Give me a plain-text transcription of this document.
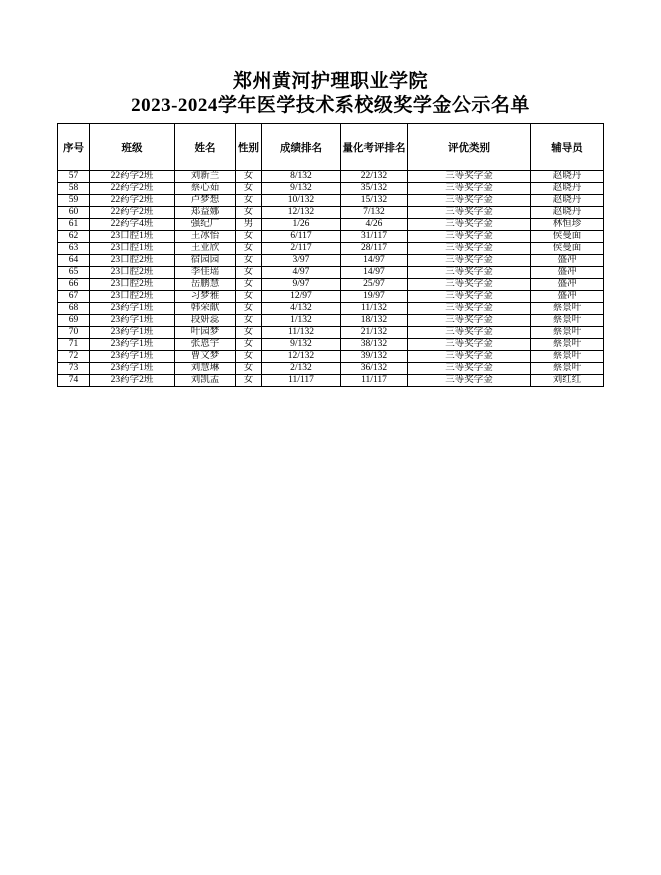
郑州黄河护理职业学院
2023-2024学年医学技术系校级奖学金公示名单
序号	班级	姓名	性别	成绩排名	量化考评排名	评优类别	辅导员
57	22药学2班	刘新兰	女	8/132	22/132	三等奖学金	赵晓丹
58	22药学2班	蔡心茹	女	9/132	35/132	三等奖学金	赵晓丹
59	22药学2班	卢梦想	女	10/132	15/132	三等奖学金	赵晓丹
60	22药学2班	郑益娜	女	12/132	7/132	三等奖学金	赵晓丹
61	22药学4班	强纪广	男	1/26	4/26	三等奖学金	林恒珍
62	23口腔1班	王冰怡	女	6/117	31/117	三等奖学金	侯曼面
63	23口腔1班	王亚欣	女	2/117	28/117	三等奖学金	侯曼面
64	23口腔2班	宿园园	女	3/97	14/97	三等奖学金	盛冲
65	23口腔2班	李佳瑶	女	4/97	14/97	三等奖学金	盛冲
66	23口腔2班	岳鹏慧	女	9/97	25/97	三等奖学金	盛冲
67	23口腔2班	习梦雅	女	12/97	19/97	三等奖学金	盛冲
68	23药学1班	韩荣献	女	4/132	11/132	三等奖学金	蔡景叶
69	23药学1班	段妍蕊	女	1/132	18/132	三等奖学金	蔡景叶
70	23药学1班	叶园梦	女	11/132	21/132	三等奖学金	蔡景叶
71	23药学1班	张恩宇	女	9/132	38/132	三等奖学金	蔡景叶
72	23药学1班	曹文梦	女	12/132	39/132	三等奖学金	蔡景叶
73	23药学1班	刘慧琳	女	2/132	36/132	三等奖学金	蔡景叶
74	23药学2班	刘凯孟	女	11/117	11/117	三等奖学金	刘红红
